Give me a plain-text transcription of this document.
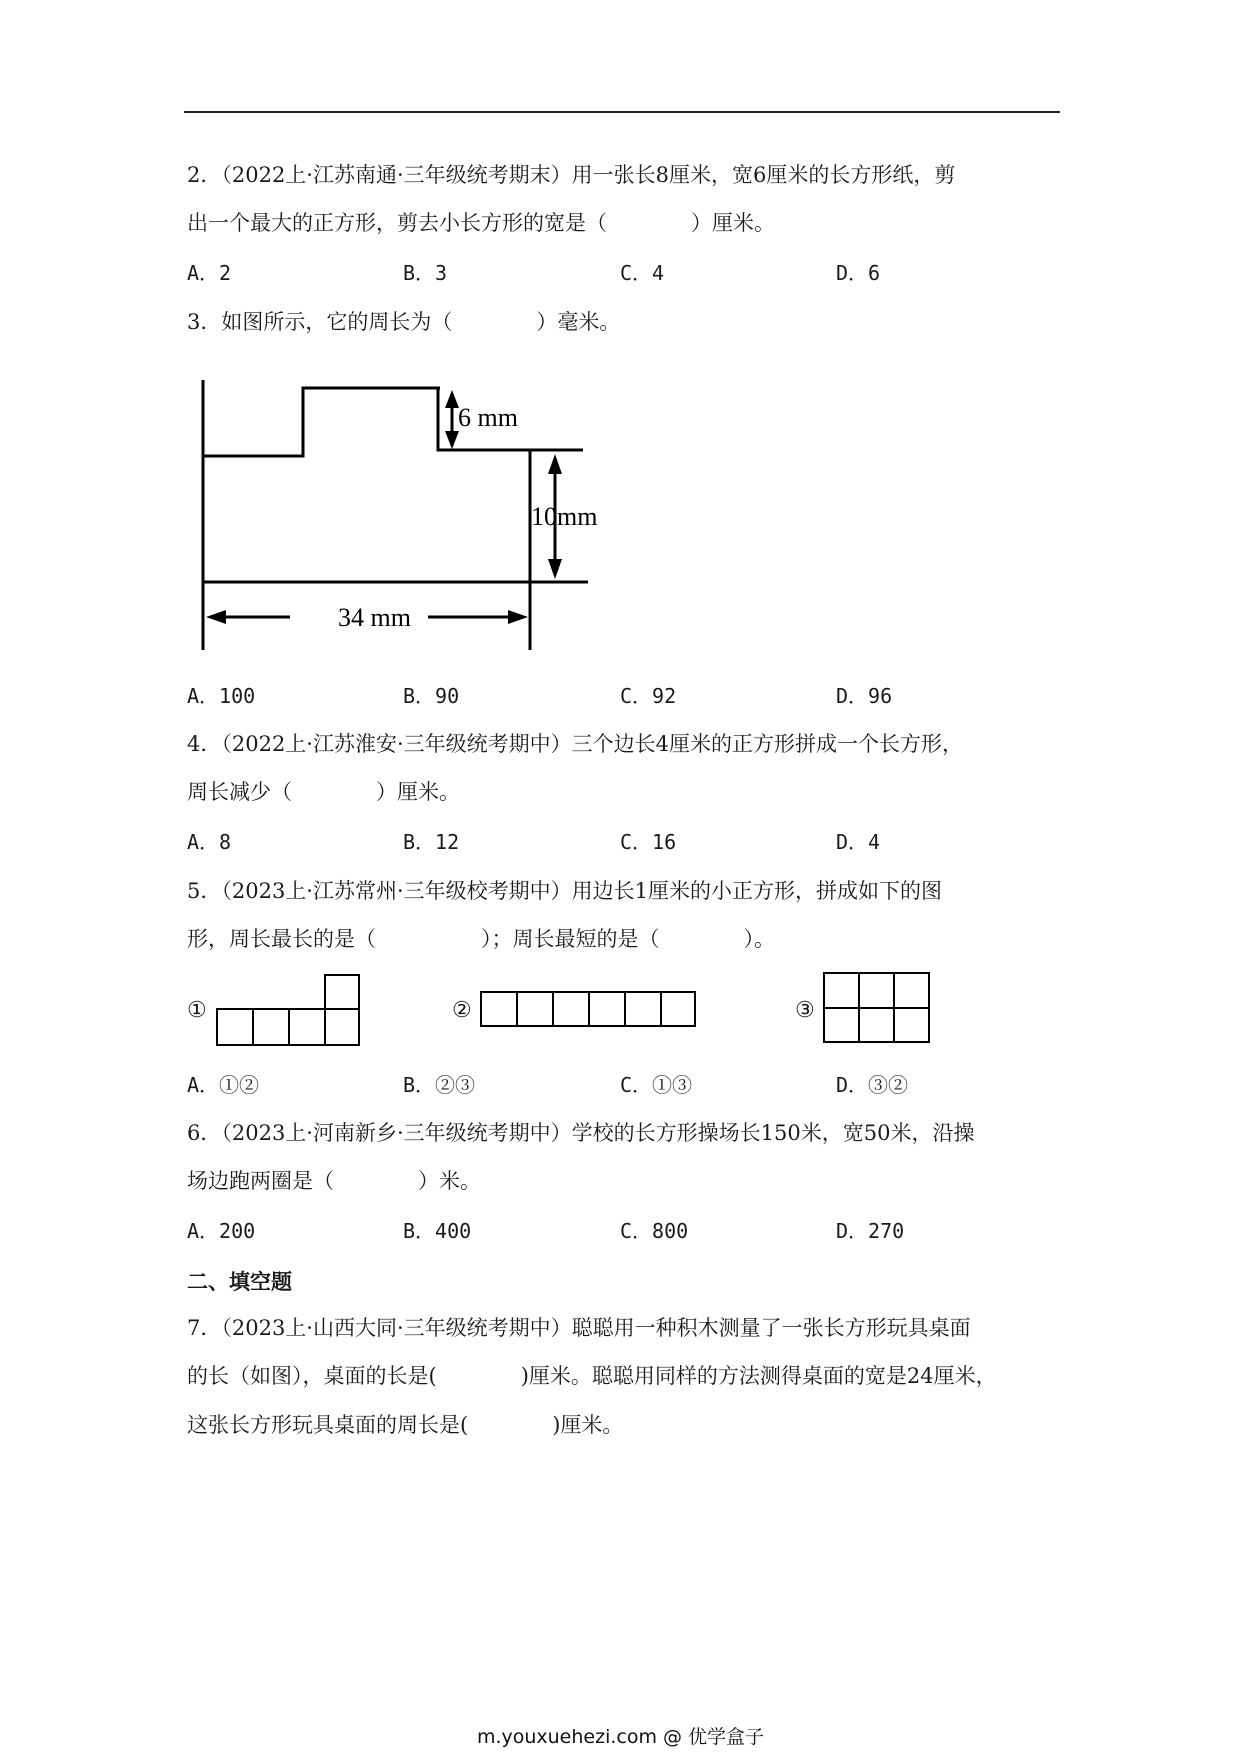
2．（2022上·江苏南通·三年级统考期末）用一张长8厘米，宽6厘米的长方形纸，剪
出一个最大的正方形，剪去小长方形的宽是（　　　　）厘米。
A．2	B．3	C．4	D．6
3．如图所示，它的周长为（　　　　）毫米。
6 mm
10mm
34 mm
A．100	B．90	C．92	D．96
4．（2022上·江苏淮安·三年级统考期中）三个边长4厘米的正方形拼成一个长方形，
周长减少（　　　　）厘米。
A．8	B．12	C．16	D．4
5．（2023上·江苏常州·三年级校考期中）用边长1厘米的小正方形，拼成如下的图
形，周长最长的是（　　　　　）；周长最短的是（　　　　）。
①	②	③
A．①②	B．②③	C．①③	D．③②
6．（2023上·河南新乡·三年级统考期中）学校的长方形操场长150米，宽50米，沿操
场边跑两圈是（　　　　）米。
A．200	B．400	C．800	D．270
二、填空题
7．（2023上·山西大同·三年级统考期中）聪聪用一种积木测量了一张长方形玩具桌面
的长（如图），桌面的长是(　　　　)厘米。聪聪用同样的方法测得桌面的宽是24厘米，
这张长方形玩具桌面的周长是(　　　　)厘米。
m.youxuehezi.com @ 优学盒子
